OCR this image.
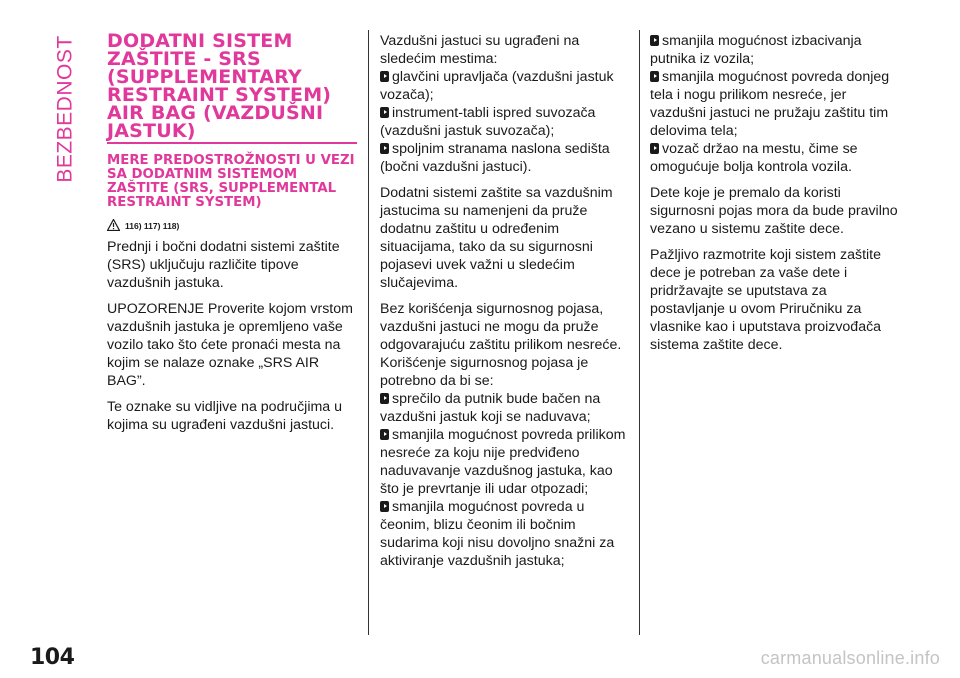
BEZBEDNOST DODATNI SISTEM ZAŠTITE - SRS (SUPPLEMENTARY RESTRAINT SYSTEM) AIR BAG (VAZDUŠNI JASTUK)
MERE PREDOSTROŽNOSTI U VEZI SA DODATNIM SISTEMOM ZAŠTITE (SRS, SUPPLEMENTAL RESTRAINT SYSTEM)
116) 117) 118)

Prednji i bočni dodatni sistemi zaštite (SRS) uključuju različite tipove vazdušnih jastuka.

UPOZORENJE Proverite kojom vrstom vazdušnih jastuka je opremljeno vaše vozilo tako što ćete pronaći mesta na kojim se nalaze oznake „SRS AIR BAG”.

Te oznake su vidljive na područjima u kojima su ugrađeni vazdušni jastuci.

Vazdušni jastuci su ugrađeni na sledećim mestima:

glavčini upravljača (vazdušni jastuk vozača);
instrument-tabli ispred suvozača (vazdušni jastuk suvozača);
spoljnim stranama naslona sedišta (bočni vazdušni jastuci).

Dodatni sistemi zaštite sa vazdušnim jastucima su namenjeni da pruže dodatnu zaštitu u određenim situacijama, tako da su sigurnosni pojasevi uvek važni u sledećim slučajevima.

Bez korišćenja sigurnosnog pojasa, vazdušni jastuci ne mogu da pruže odgovarajuću zaštitu prilikom nesreće. Korišćenje sigurnosnog pojasa je potrebno da bi se:

sprečilo da putnik bude bačen na vazdušni jastuk koji se naduvava;
smanjila mogućnost povreda prilikom nesreće za koju nije predviđeno naduvavanje vazdušnog jastuka, kao što je prevrtanje ili udar otpozadi;
smanjila mogućnost povreda u čeonim, blizu čeonim ili bočnim sudarima koji nisu dovoljno snažni za aktiviranje vazdušnih jastuka;
smanjila mogućnost izbacivanja putnika iz vozila;
smanjila mogućnost povreda donjeg tela i nogu prilikom nesreće, jer vazdušni jastuci ne pružaju zaštitu tim delovima tela;
vozač držao na mestu, čime se omogućuje bolja kontrola vozila.

Dete koje je premalo da koristi sigurnosni pojas mora da bude pravilno vezano u sistemu zaštite dece.

Pažljivo razmotrite koji sistem zaštite dece je potreban za vaše dete i pridržavajte se uputstava za postavljanje u ovom Priručniku za vlasnike kao i uputstava proizvođača sistema zaštite dece.

104	carmanualsonline.info
